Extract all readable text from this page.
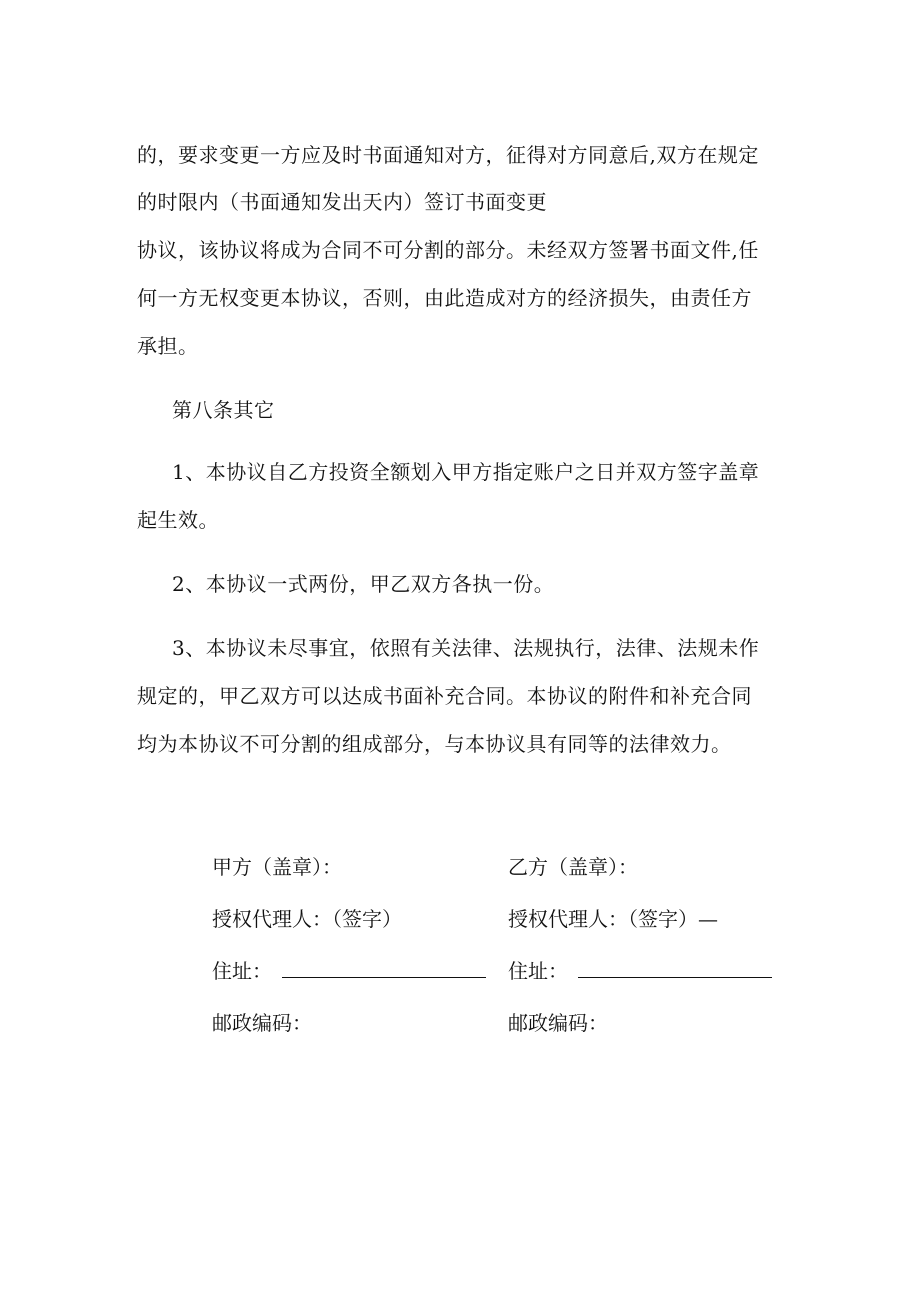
的，要求变更一方应及时书面通知对方，征得对方同意后,双方在规定
的时限内（书面通知发出天内）签订书面变更
协议，该协议将成为合同不可分割的部分。未经双方签署书面文件,任
何一方无权变更本协议，否则，由此造成对方的经济损失，由责任方
承担。
第八条其它
1、本协议自乙方投资全额划入甲方指定账户之日并双方签字盖章
起生效。
2、本协议一式两份，甲乙双方各执一份。
3、本协议未尽事宜，依照有关法律、法规执行，法律、法规未作
规定的，甲乙双方可以达成书面补充合同。本协议的附件和补充合同
均为本协议不可分割的组成部分，与本协议具有同等的法律效力。
甲方（盖章）：	乙方（盖章）：
授权代理人：（签字）	授权代理人：（签字）—
住址：	住址：
邮政编码：	邮政编码：
